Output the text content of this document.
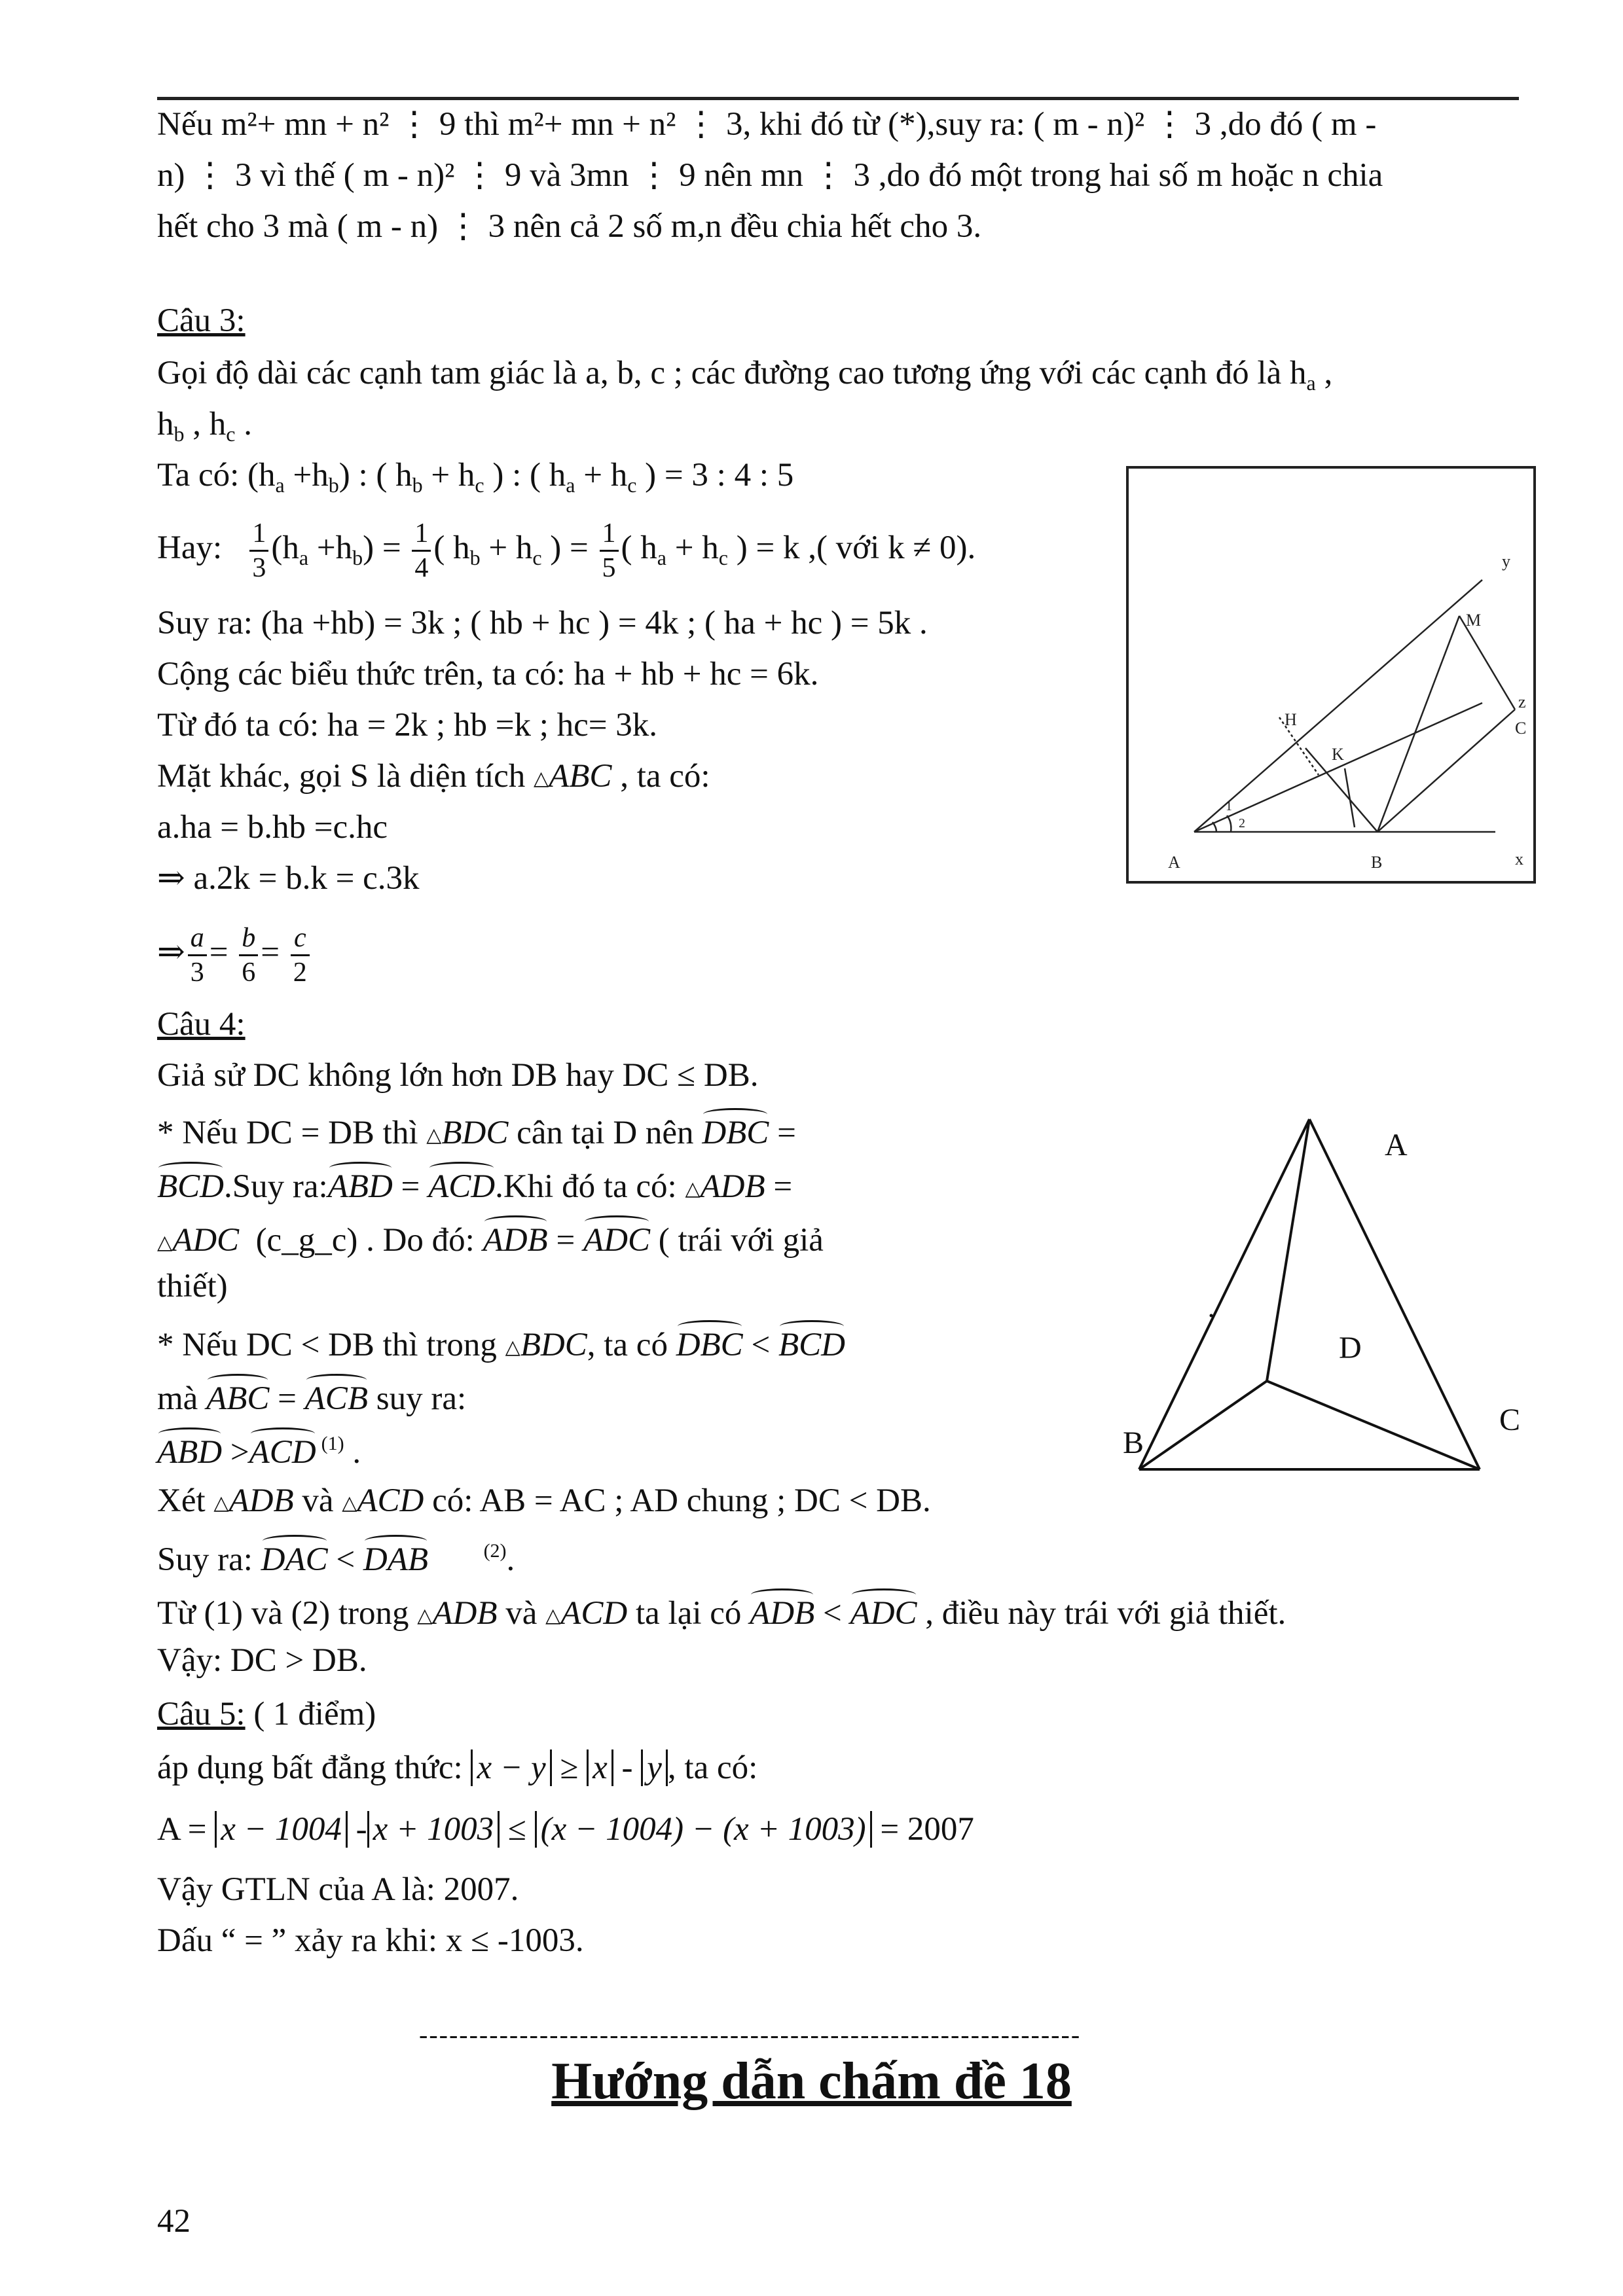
Nếu m²+ mn + n² ⋮ 9 thì m²+ mn + n² ⋮ 3, khi đó từ (*),suy ra: ( m - n)² ⋮ 3 ,do đó ( m -
n) ⋮ 3 vì thế ( m - n)² ⋮ 9 và 3mn ⋮ 9 nên mn ⋮ 3 ,do đó một trong hai số m hoặc n chia
hết cho 3 mà ( m - n) ⋮ 3 nên cả 2 số m,n đều chia hết cho 3.
Câu 3:
Gọi độ dài các cạnh tam giác là a, b, c ; các đường cao tương ứng với các cạnh đó là $h_a$ ,
$h_b$ , $h_c$ .
Ta có: $(h_a +h_b)$ : ( $h_b + h_c$ ) : ( $h_a + h_c$ ) = 3 : 4 : 5
Hay: $\frac{1}{3} (h_a +h_b) = \frac{1}{4}$ ( $h_b + h_c$ ) = $\frac{1}{5}$ ( $h_a + h_c$ ) = k ,( với k ≠ 0).
Suy ra: (ha +hb) = 3k ; ( hb + hc ) = 4k ; ( ha + hc ) = 5k .
Cộng các biểu thức trên, ta có: ha + hb + hc = 6k.
Từ đó ta có: ha = 2k ; hb =k ; hc= 3k.
Mặt khác, gọi S là diện tích △ABC , ta có:
a.ha = b.hb =c.hc
⇒ a.2k = b.k = c.3k
⇒ $\frac{a}{3} = \frac{b}{6} = \frac{c}{2}$
y
M
H
K
z
C
1
2
A	B	x
Câu 4:
Giả sử DC không lớn hơn DB hay DC ≤ DB.
* Nếu DC = DB thì △BDC cân tại D nên DBC =
BCD.Suy ra:ABD = ACD.Khi đó ta có: △ADB =
△ADC (c_g_c) . Do đó: ADB = ADC ( trái với giả
thiết)
* Nếu DC < DB thì trong △BDC, ta có DBC < BCD
mà ABC = ACB suy ra:
ABD >ACD $^{(1)}$ .
Xét △ADB và △ACD có: AB = AC ; AD chung ; DC < DB.
Suy ra: DAC < DAB	$^{(2)}$.
Từ (1) và (2) trong △ADB và △ACD ta lại có ADB < ADC , điều này trái với giả thiết.
Vậy: DC > DB.
A
D
B
C
Câu 5: ( 1 điểm)
áp dụng bất đẳng thức: x − y ≥ x - y , ta có:
A = x − 1004 - x + 1003 ≤ (x − 1004) − (x + 1003) = 2007
Vậy GTLN của A là: 2007.
Dấu “ = ” xảy ra khi: x ≤ -1003.
------------------------------------------------------------------
Hướng dẫn chấm đề 18
42
